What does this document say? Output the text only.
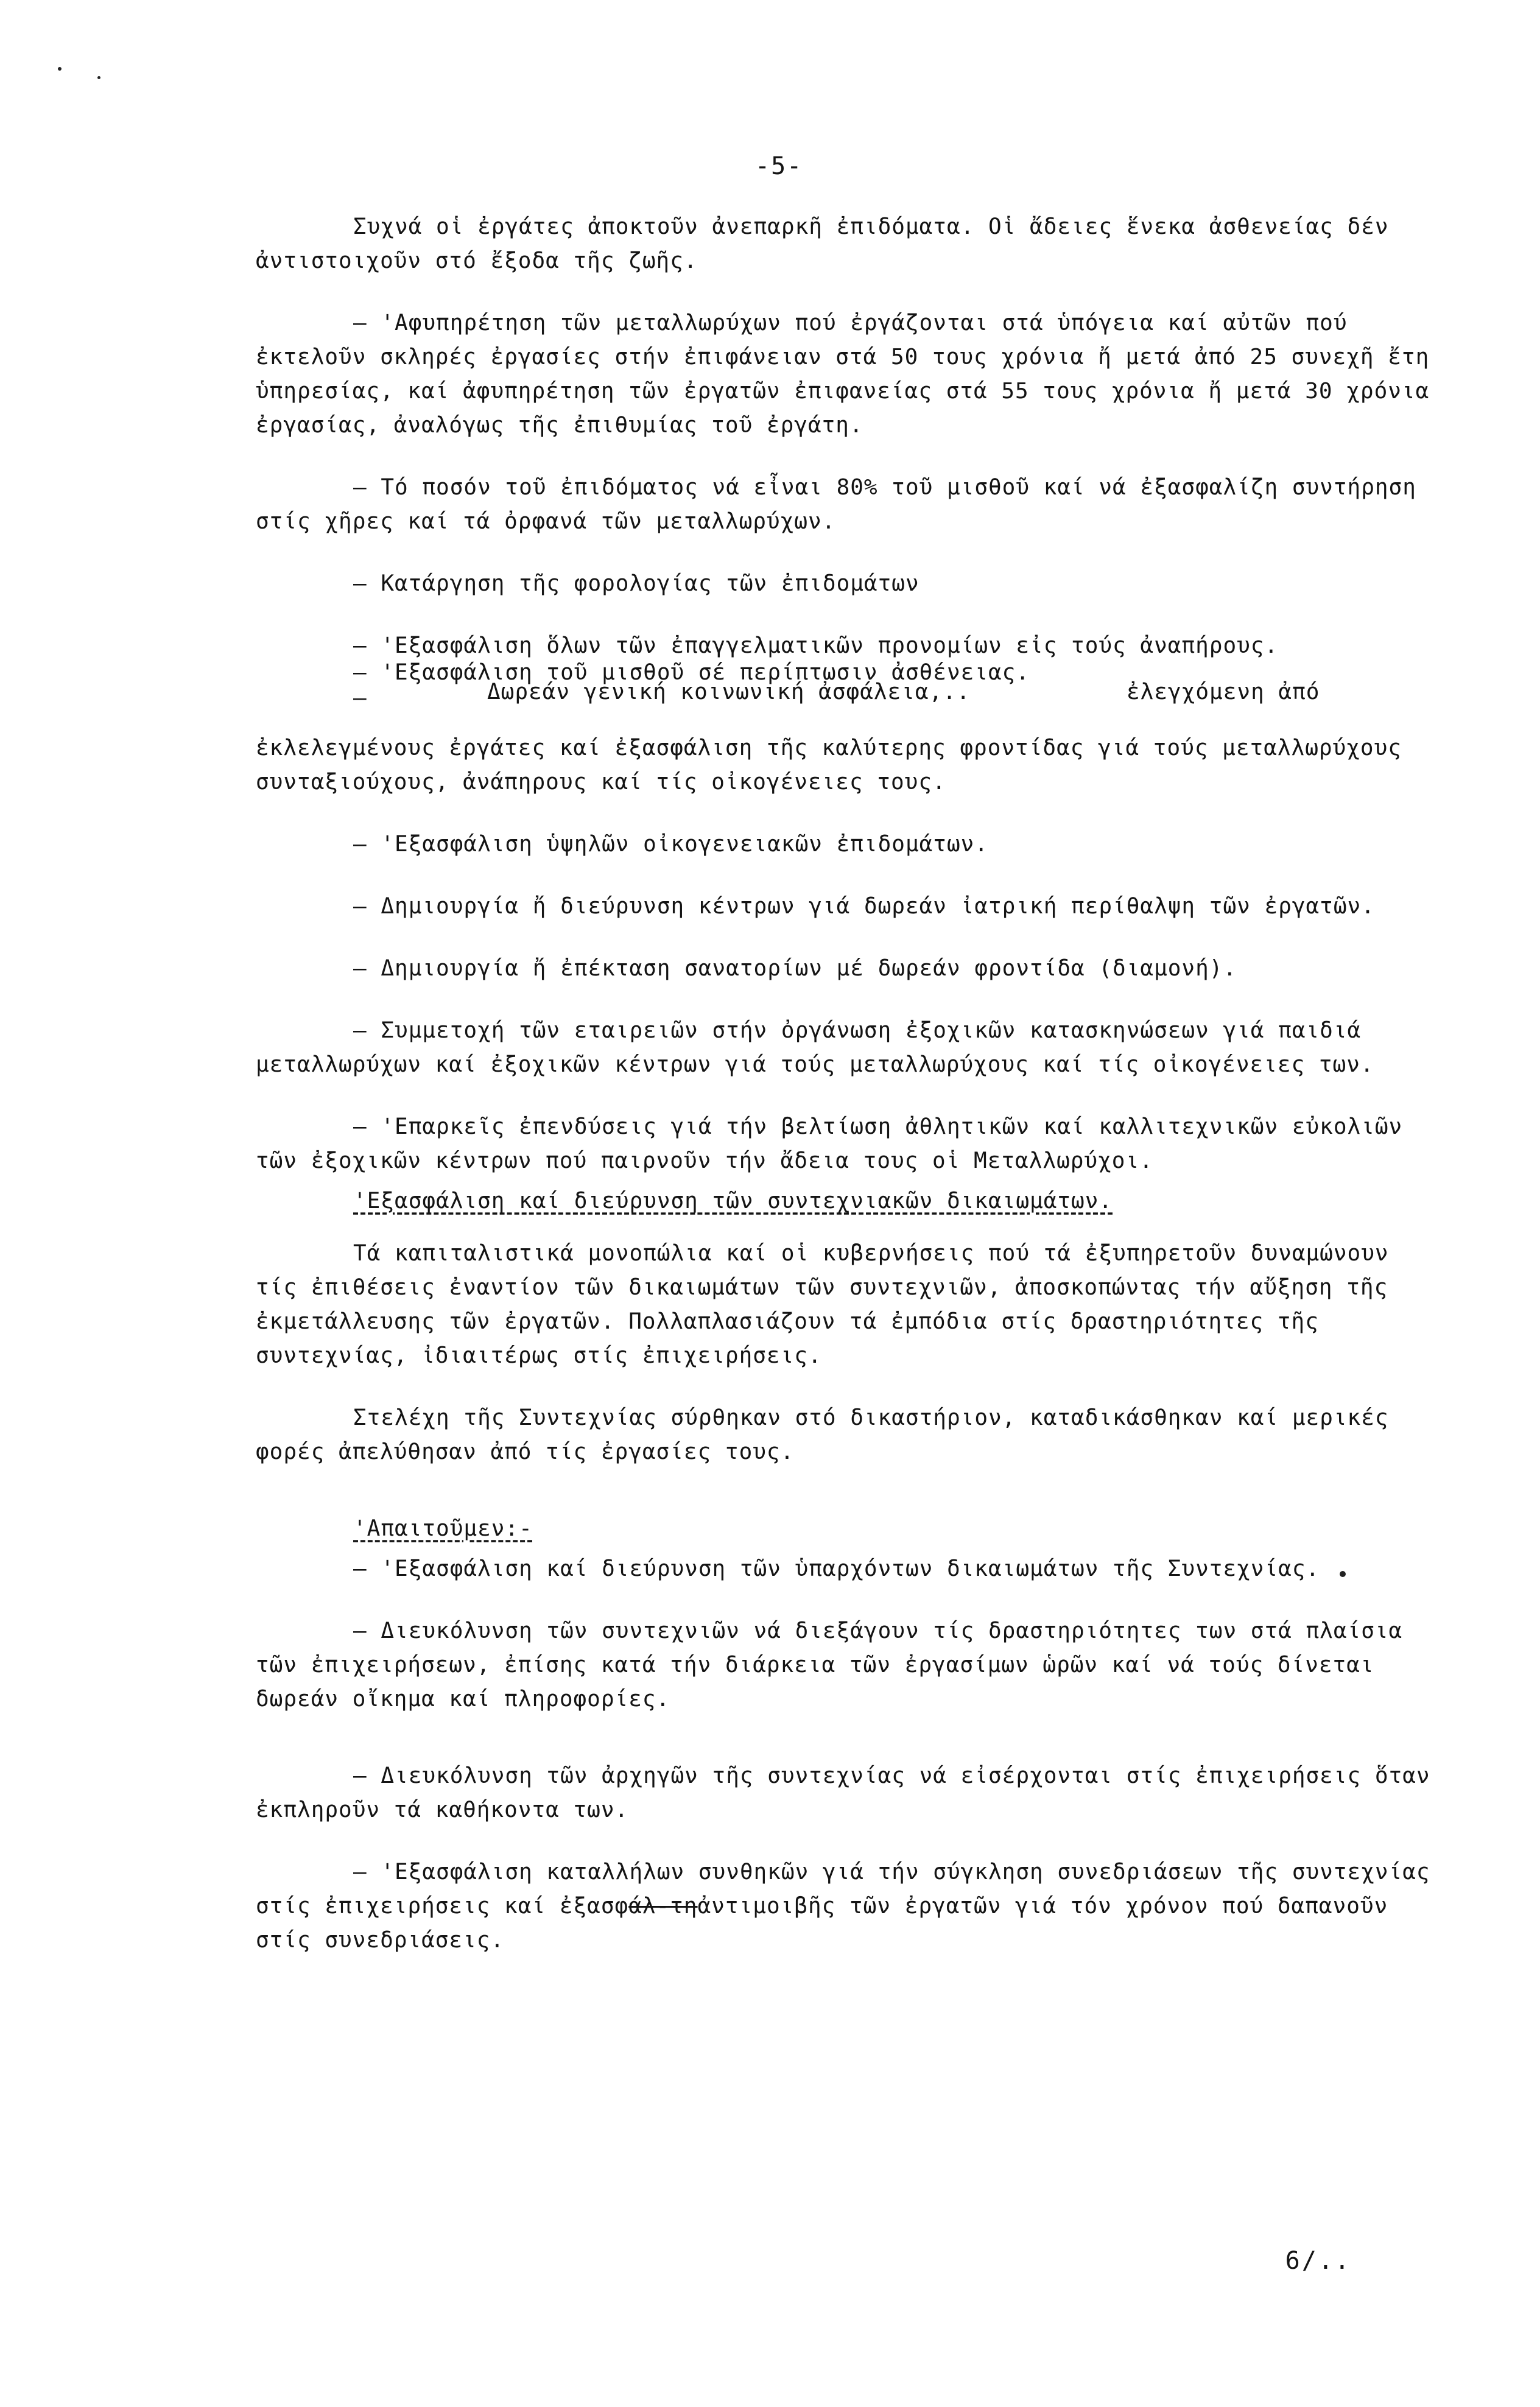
-5-

Συχνά οἱ ἐργάτες ἀποκτοῦν ἀνεπαρκῆ ἐπιδόματα. Οἱ ἄδειες ἕνεκα ἀσθενείας δέν ἀντιστοιχοῦν στό ἔξοδα τῆς ζωῆς.

– 'Αφυπηρέτηση τῶν μεταλλωρύχων πού ἐργάζονται στά ὑπόγεια καί αὐτῶν πού ἐκτελοῦν σκληρές ἐργασίες στήν ἐπιφάνειαν στά 50 τους χρόνια ἤ μετά ἀπό 25 συνεχῆ ἔτη ὑπηρεσίας, καί ἀφυπηρέτηση τῶν ἐργατῶν ἐπιφανείας στά 55 τους χρόνια ἤ μετά 30 χρόνια ἐργασίας, ἀναλόγως τῆς ἐπιθυμίας τοῦ ἐργάτη.

– Τό ποσόν τοῦ ἐπιδόματος νά εἶναι 80% τοῦ μισθοῦ καί νά ἐξασφαλίζη συντήρηση στίς χῆρες καί τά ὀρφανά τῶν μεταλλωρύχων.

– Κατάργηση τῆς φορολογίας τῶν ἐπιδομάτων

– 'Εξασφάλιση ὅλων τῶν ἐπαγγελματικῶν προνομίων εἰς τούς ἀναπήρους.

– 'Εξασφάλιση τοῦ μισθοῦ σέ περίπτωσιν ἀσθένειας.
–	Δωρεάν γενική κοινωνική ἀσφάλεια,..	ἐλεγχόμενη ἀπό

ἐκλελεγμένους ἐργάτες καί ἐξασφάλιση τῆς καλύτερης φροντίδας γιά τούς μεταλλωρύχους συνταξιούχους, ἀνάπηρους καί τίς οἰκογένειες τους.

– 'Εξασφάλιση ὑψηλῶν οἰκογενειακῶν ἐπιδομάτων.

– Δημιουργία ἤ διεύρυνση κέντρων γιά δωρεάν ἰατρική περίθαλψη τῶν ἐργατῶν.

– Δημιουργία ἤ ἐπέκταση σανατορίων μέ δωρεάν φροντίδα (διαμονή).

– Συμμετοχή τῶν εταιρειῶν στήν ὀργάνωση ἐξοχικῶν κατασκηνώσεων γιά παιδιά μεταλλωρύχων καί ἐξοχικῶν κέντρων γιά τούς μεταλλωρύχους καί τίς οἰκογένειες των.

– 'Επαρκεῖς ἐπενδύσεις γιά τήν βελτίωση ἀθλητικῶν καί καλλιτεχνικῶν εὐκολιῶν τῶν ἐξοχικῶν κέντρων πού παιρνοῦν τήν ἄδεια τους οἱ Μεταλλωρύχοι.

'Εξασφάλιση καί διεύρυνση τῶν συντεχνιακῶν δικαιωμάτων.

Τά καπιταλιστικά μονοπώλια καί οἱ κυβερνήσεις πού τά ἐξυπηρετοῦν δυναμώνουν τίς ἐπιθέσεις ἐναντίον τῶν δικαιωμάτων τῶν συντεχνιῶν, ἀποσκοπώντας τήν αὔξηση τῆς ἐκμετάλλευσης τῶν ἐργατῶν. Πολλαπλασιάζουν τά ἐμπόδια στίς δραστηριότητες τῆς συντεχνίας, ἰδιαιτέρως στίς ἐπιχειρήσεις.

Στελέχη τῆς Συντεχνίας σύρθηκαν στό δικαστήριον, καταδικάσθηκαν καί μερικές φορές ἀπελύθησαν ἀπό τίς ἐργασίες τους.

'Απαιτοῦμεν:-

– 'Εξασφάλιση καί διεύρυνση τῶν ὑπαρχόντων δικαιωμάτων τῆς Συντεχνίας.

– Διευκόλυνση τῶν συντεχνιῶν νά διεξάγουν τίς δραστηριότητες των στά πλαίσια τῶν ἐπιχειρήσεων, ἐπίσης κατά τήν διάρκεια τῶν ἐργασίμων ὡρῶν καί νά τούς δίνεται δωρεάν οἴκημα καί πληροφορίες.

– Διευκόλυνση τῶν ἀρχηγῶν τῆς συντεχνίας νά εἰσέρχονται στίς ἐπιχειρήσεις ὅταν ἐκπληροῦν τά καθήκοντα των.

– 'Εξασφάλιση καταλλήλων συνθηκῶν γιά τήν σύγκληση συνεδριάσεων τῆς συντεχνίας στίς ἐπιχειρήσεις καί ἐξασφάλ-τηἀντιμοιβῆς τῶν ἐργατῶν γιά τόν χρόνον πού δαπανοῦν στίς συνεδριάσεις.

6/..
